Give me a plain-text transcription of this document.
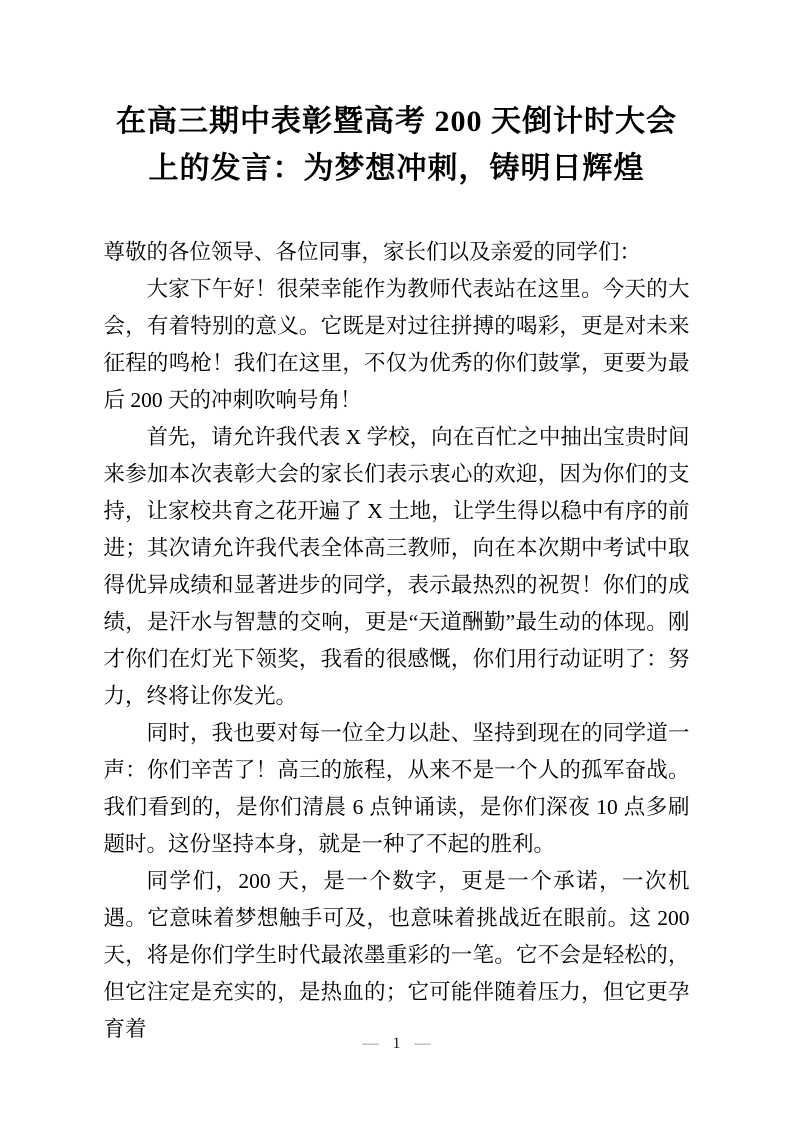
在高三期中表彰暨高考 200 天倒计时大会
上的发言：为梦想冲刺，铸明日辉煌

尊敬的各位领导、各位同事，家长们以及亲爱的同学们：

大家下午好！很荣幸能作为教师代表站在这里。今天的大会，有着特别的意义。它既是对过往拼搏的喝彩，更是对未来征程的鸣枪！我们在这里，不仅为优秀的你们鼓掌，更要为最后 200 天的冲刺吹响号角！

首先，请允许我代表 X 学校，向在百忙之中抽出宝贵时间来参加本次表彰大会的家长们表示衷心的欢迎，因为你们的支持，让家校共育之花开遍了 X 土地，让学生得以稳中有序的前进；其次请允许我代表全体高三教师，向在本次期中考试中取得优异成绩和显著进步的同学，表示最热烈的祝贺！你们的成绩，是汗水与智慧的交响，更是“天道酬勤”最生动的体现。刚才你们在灯光下领奖，我看的很感慨，你们用行动证明了：努力，终将让你发光。

同时，我也要对每一位全力以赴、坚持到现在的同学道一声：你们辛苦了！高三的旅程，从来不是一个人的孤军奋战。我们看到的，是你们清晨 6 点钟诵读，是你们深夜 10 点多刷题时。这份坚持本身，就是一种了不起的胜利。

同学们，200 天，是一个数字，更是一个承诺，一次机遇。它意味着梦想触手可及，也意味着挑战近在眼前。这 200 天，将是你们学生时代最浓墨重彩的一笔。它不会是轻松的，但它注定是充实的，是热血的；它可能伴随着压力，但它更孕育着

— 1 —
